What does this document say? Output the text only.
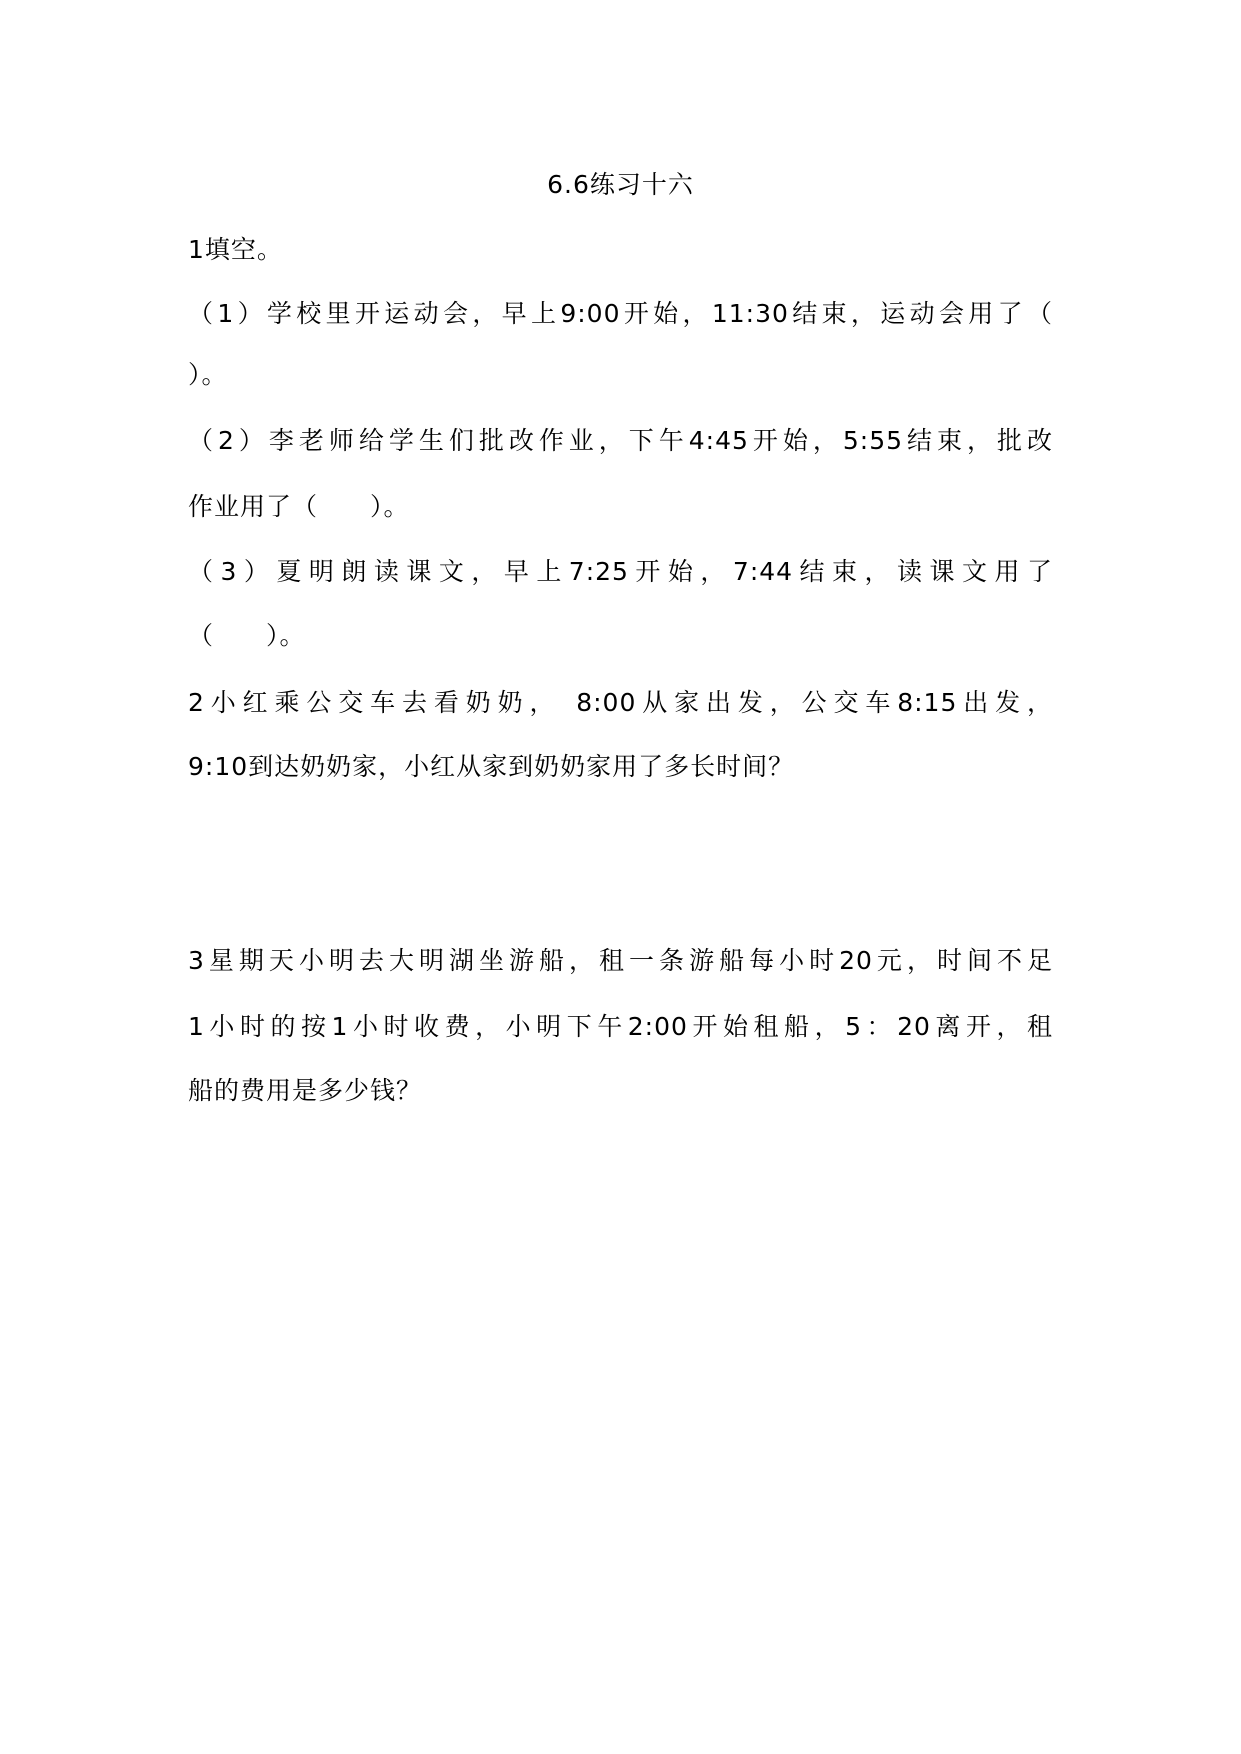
6.6练习十六
1填空。
（1）学校里开运动会，早上9:00开始，11:30结束，运动会用了（
）。
（2）李老师给学生们批改作业，下午4:45开始，5:55结束，批改
作业用了（　　）。
（3）夏明朗读课文，早上7:25开始，7:44结束，读课文用了
（　　）。
2小红乘公交车去看奶奶， 8:00从家出发，公交车8:15出发，
9:10到达奶奶家，小红从家到奶奶家用了多长时间？
3星期天小明去大明湖坐游船，租一条游船每小时20元，时间不足
1小时的按1小时收费，小明下午2:00开始租船，5：20离开，租
船的费用是多少钱？
